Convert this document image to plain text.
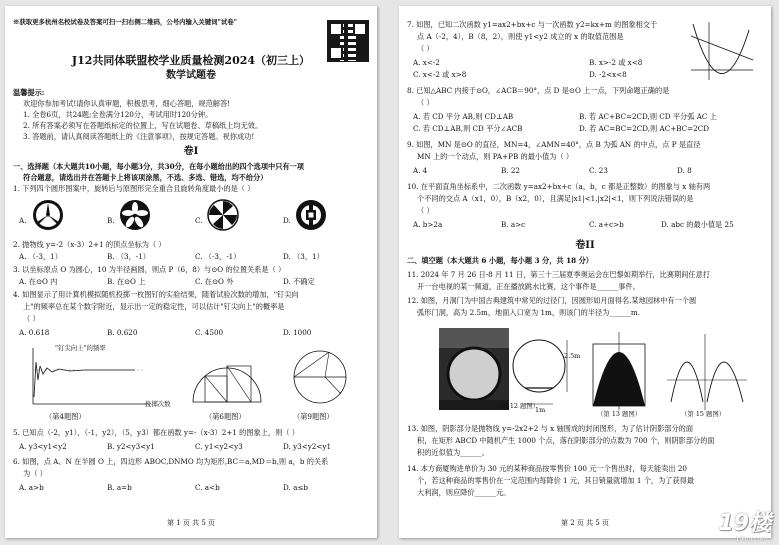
※获取更多杭州名校试卷及答案可扫一扫右侧二维码，公号内输入关键词"试卷"
J12共同体联盟校学业质量检测2024（初三上）
数学试题卷
温馨提示:
欢迎你参加考试!请你认真审题，积极思考，细心答题，规范解答!
1. 全卷6页，共24题;全卷满分120分，考试用时120分钟。
2. 所有答案必须写在答题纸标定的位置上，写在试题卷、草稿纸上均无效。
3. 答题前，请认真阅读答题纸上的《注意事项》，按规定答题。祝你成功!
卷I
一、选择题（本大题共10小题，每小题3分，共30分，在每小题给出的四个选项中只有一项
符合题意，请选出并在答题卡上将该项涂黑，不选、多选、错选，均不给分）
1. 下列四个圆形图案中，旋转后与原图形完全重合且旋转角度最小的是（ ）
A.	B.	C.	D.
2. 抛物线 y=-2（x-3）2+1 的顶点坐标为（ ）
A. （-3，1）	B. （3，-1）	C. （-3，-1）	D. （3，1）
3. 以坐标原点 O 为圆心，10 为半径画圆，则点 P（6，8）与⊙O 的位置关系是（ ）
A. 在⊙O 内	B. 在⊙O 上	C. 在⊙O 外	D. 不确定
4. 如图显示了用计算机模拟随机投掷一枚图钉的实验结果，随着试验次数的增加，"钉尖向
上"的频率总在某个数字附近，显示出一定的稳定性，可以估计"钉尖向上"的概率是
（ ）
A. 0.618	B. 0.620	C. 4500	D. 1000
"钉尖向上"的频率
投掷次数
（第4题图）	（第6题图）	（第9题图）
5. 已知点（-2，y1），（-1，y2），（5，y3）都在函数 y=-（x-3）2+1 的图象上，则（ ）
A. y3<y1<y2	B. y2<y3<y1	C. y1<y2<y3	D. y3<y2<y1
6. 如图，点 A、N 在半圆 O 上，四边形 ABOC,DNMO 均为矩形,BC＝a,MD＝b,则 a，b 的关系
为（ ）
A. a>b	B. a=b	C. a<b	D. a≤b
第 1 页 共 5 页
7. 如图，已知二次函数 y1=ax2+bx+c 与一次函数 y2=kx+m 的图象相交于
点 A（-2，4），B（8，2），则使 y1<y2 成立的 x 的取值范围是
（ ）
A. x<-2	B. x>-2 或 x<8
C. x<-2 或 x>8	D. -2<x<8
8. 已知△ABC 内接于⊙O，∠ACB＝90°，点 D 是⊙O 上一点，下列命题正确的是
（ ）
A. 若 CD 平分 AB,则 CD⊥AB	B. 若 AC+BC=2CD,则 CD 平分弧 AC 上
C. 若 CD⊥AB,则 CD 平分∠ACB	D. 若 AC=BC=2CD,则 AC+BC=2CD
9. 如图，MN 是⊙O 的直径，MN=4，∠AMN=40°，点 B 为弧 AN 的中点，点 P 是直径
MN 上的一个动点，则 PA+PB 的最小值为（ ）
A. 4	B. 22	C. 23	D. 8
10. 在平面直角坐标系中，二次函数 y=ax2+bx+c（a，b，c 都是正整数）的图象与 x 轴有两
个不同的交点 A（x1，0），B（x2，0），且满足|x1|<1,|x2|<1，则下列说法错误的是
（ ）
A. b>2a	B. a>c	C. a+c>b	D. abc 的最小值是 25
卷II
二、填空题（本大题共 6 小题，每小题 3 分，共 18 分）
11. 2024 年 7 月 26 日-8 月 11 日，第三十三届夏季奥运会在巴黎如期举行，比赛期间任意打
开一台电视的某一频道，正在播放跳水比赛，这个事件是______事件。
12. 如图，月洞门为中国古典建筑中常见的过径门，因圆形如月面得名.某地园林中有一个圆
弧形门洞，高为 2.5m，地面入口宽为 1m，则该门的半径为______m.
2.5m
1m
（第 12 题图）
（第 13 题图）	（第 15 题图）
13. 如图，阴影部分是抛物线 y=-2x2+2 与 x 轴围成的封闭图形，为了估计阴影部分的面
积，在矩形 ABCD 中随机产生 1000 个点，落在阴影部分的点数为 700 个，则阴影部分的面
积的近似值为______。
14. 本方商厦购进单价为 30 元的某种商品按零售价 100 元一个售出时，每天能卖出 20
个，若这种商品的零售价在一定范围内每降价 1 元，其日销量就增加 1 个，为了获得最
大利润，则应降价______元。
第 2 页 共 5 页	19楼
19lou.com
